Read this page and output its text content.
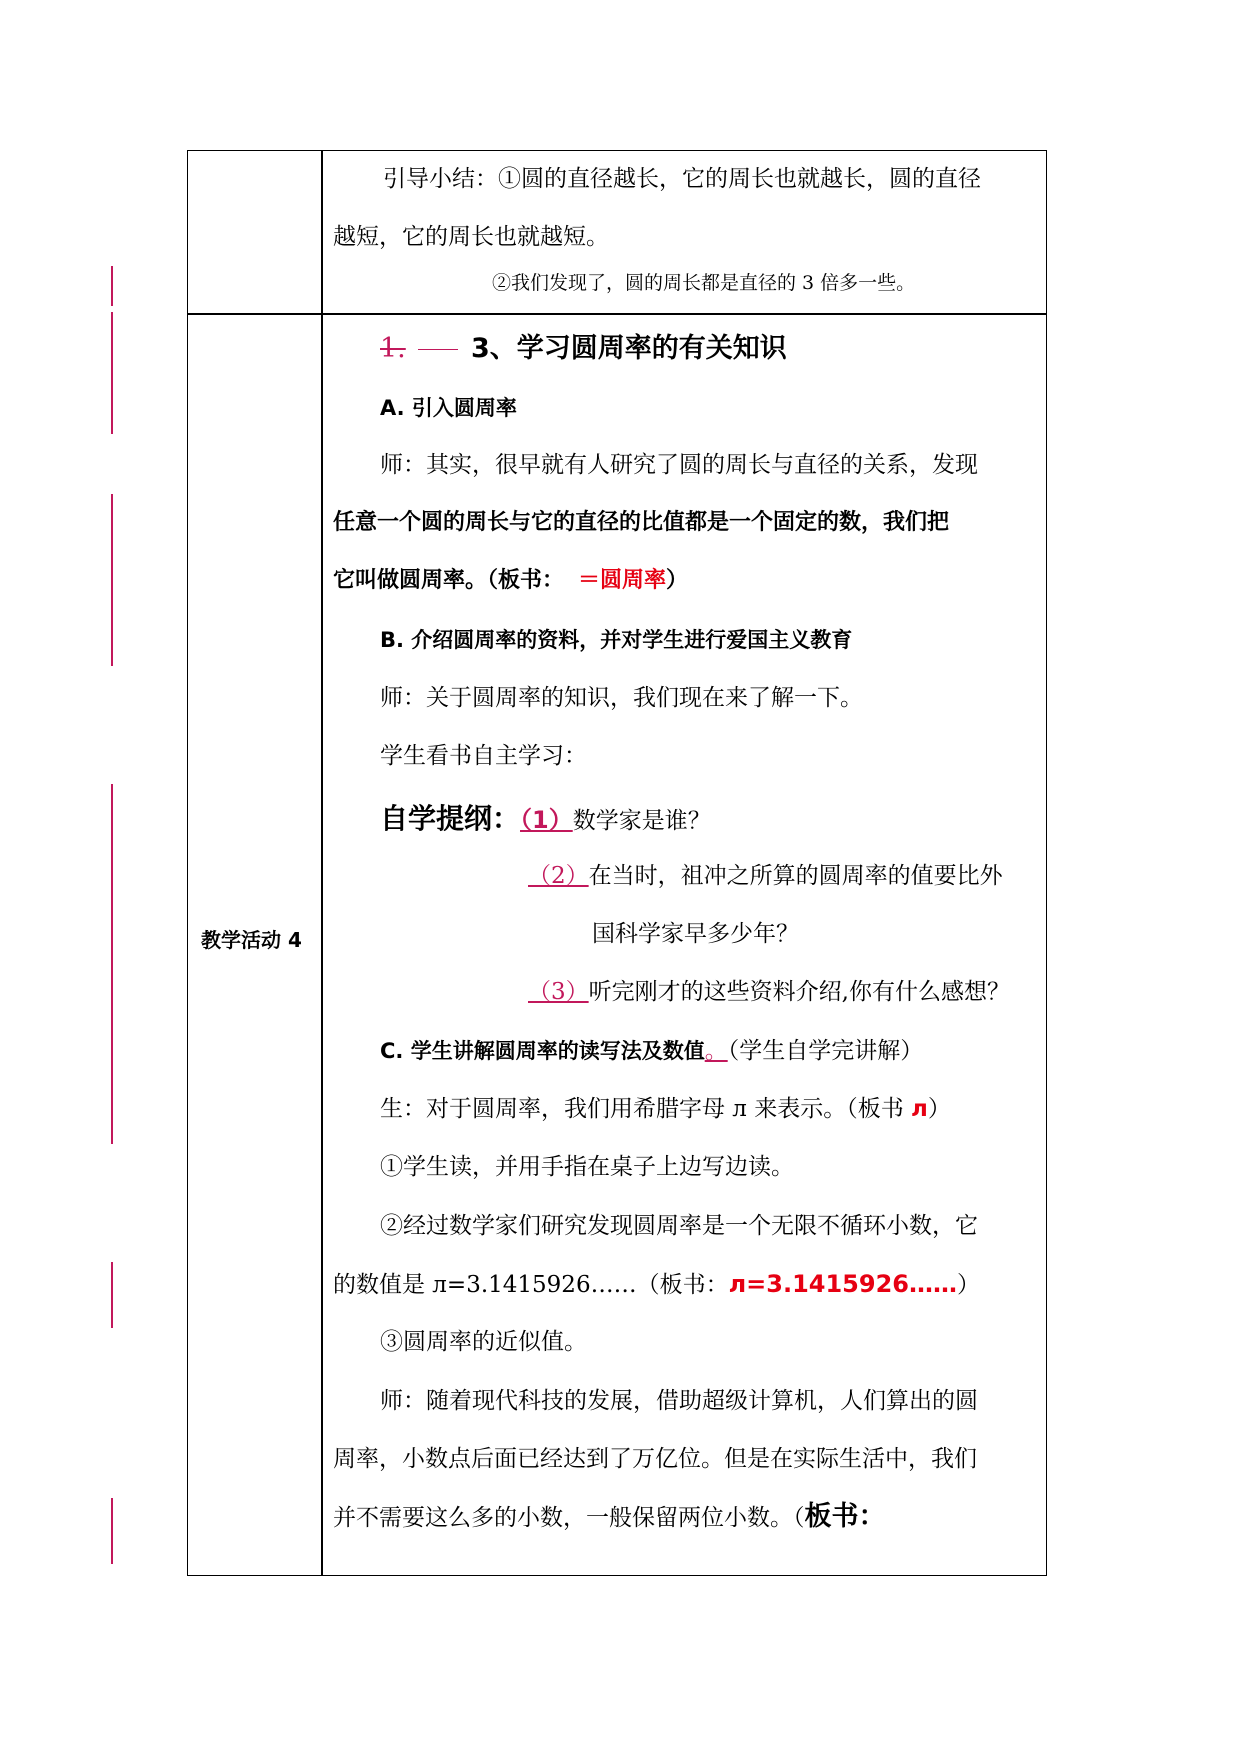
引导小结：①圆的直径越长，它的周长也就越长，圆的直径
越短，它的周长也就越短。
②我们发现了，圆的周长都是直径的 3 倍多一些。
教学活动 4
1. 3、学习圆周率的有关知识
A. 引入圆周率
师：其实，很早就有人研究了圆的周长与直径的关系，发现
任意一个圆的周长与它的直径的比值都是一个固定的数，我们把
它叫做圆周率。（板书： ＝圆周率）
B. 介绍圆周率的资料，并对学生进行爱国主义教育
师：关于圆周率的知识，我们现在来了解一下。
学生看书自主学习：
自学提纲：（1）数学家是谁？
（2）在当时，祖冲之所算的圆周率的值要比外
国科学家早多少年？
（3）听完刚才的这些资料介绍,你有什么感想？
C. 学生讲解圆周率的读写法及数值。（学生自学完讲解）
生：对于圆周率，我们用希腊字母 л 来表示。（板书 л）
①学生读，并用手指在桌子上边写边读。
②经过数学家们研究发现圆周率是一个无限不循环小数，它
的数值是 л=3.1415926……（板书：л=3.1415926……）
③圆周率的近似值。
师：随着现代科技的发展，借助超级计算机，人们算出的圆
周率，小数点后面已经达到了万亿位。但是在实际生活中，我们
并不需要这么多的小数，一般保留两位小数。（板书：
